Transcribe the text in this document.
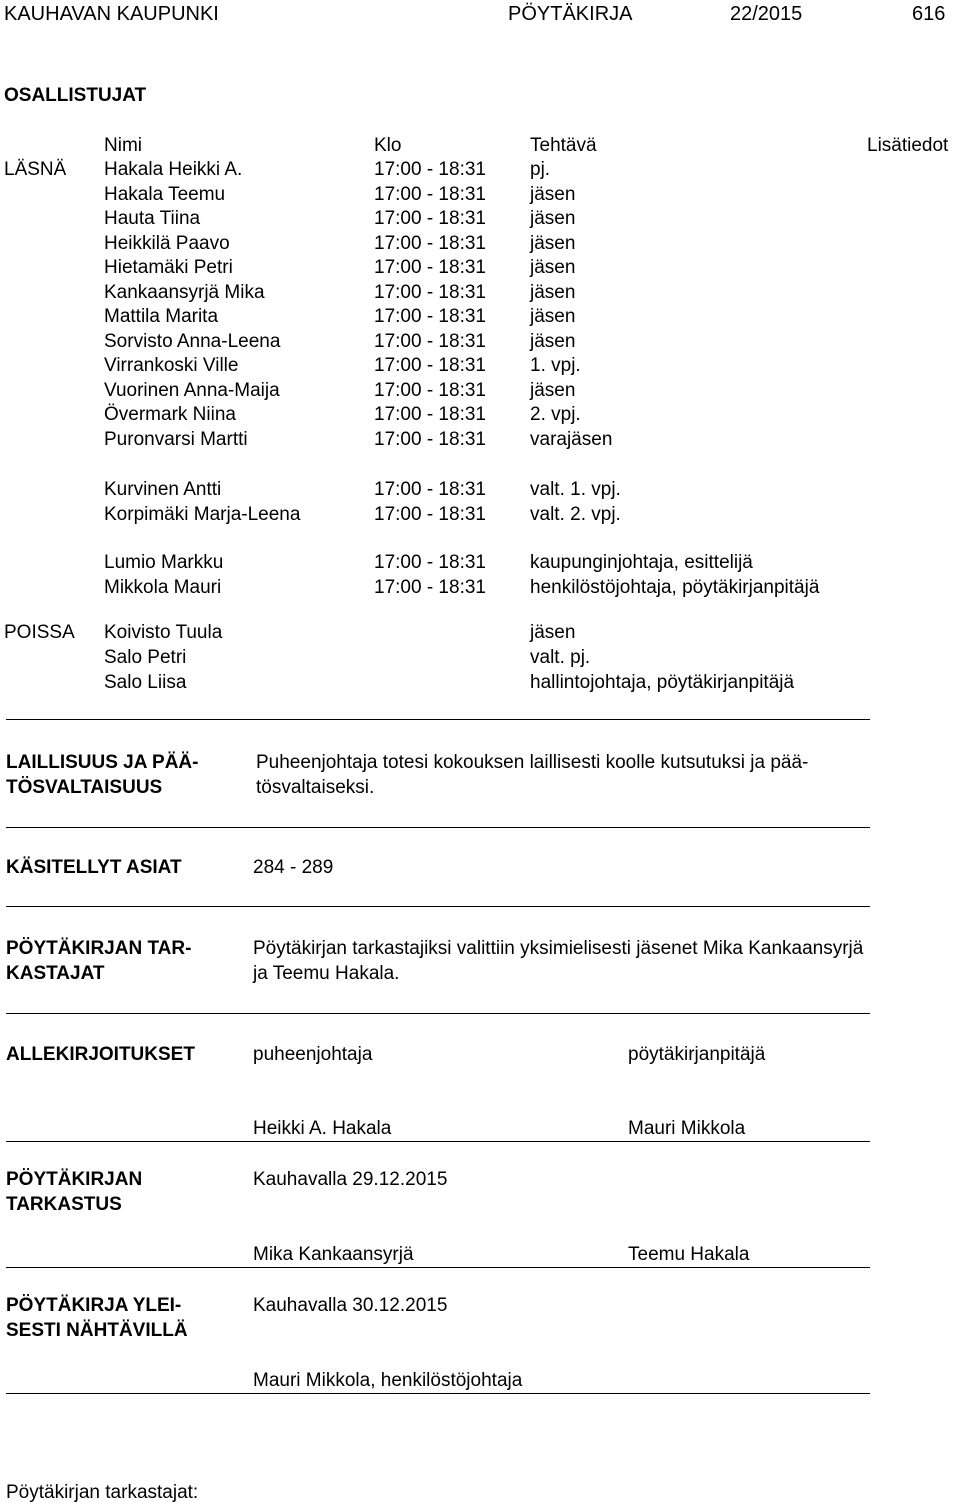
KAUHAVAN KAUPUNKI	PÖYTÄKIRJA	22/2015	616
OSALLISTUJAT
Nimi	Klo	Tehtävä	Lisätiedot
LÄSNÄ Hakala Heikki A.	17:00 - 18:31 pj.
Hakala Teemu	17:00 - 18:31 jäsen
Hauta Tiina	17:00 - 18:31 jäsen
Heikkilä Paavo	17:00 - 18:31 jäsen
Hietamäki Petri	17:00 - 18:31 jäsen
Kankaansyrjä Mika	17:00 - 18:31 jäsen
Mattila Marita	17:00 - 18:31 jäsen
Sorvisto Anna-Leena	17:00 - 18:31 jäsen
Virrankoski Ville	17:00 - 18:31 1. vpj.
Vuorinen Anna-Maija	17:00 - 18:31 jäsen
Övermark Niina	17:00 - 18:31 2. vpj.
Puronvarsi Martti	17:00 - 18:31 varajäsen
Kurvinen Antti	17:00 - 18:31 valt. 1. vpj.
Korpimäki Marja-Leena	17:00 - 18:31 valt. 2. vpj.
Lumio Markku	17:00 - 18:31 kaupunginjohtaja, esittelijä
Mikkola Mauri	17:00 - 18:31 henkilöstöjohtaja, pöytäkirjanpitäjä
POISSA Koivisto Tuula	jäsen
Salo Petri	valt. pj.
Salo Liisa	hallintojohtaja, pöytäkirjanpitäjä
LAILLISUUS JA PÄÄ-
TÖSVALTAISUUS
Puheenjohtaja totesi kokouksen laillisesti koolle kutsutuksi ja pää-
tösvaltaiseksi.
KÄSITELLYT ASIAT	284 - 289
PÖYTÄKIRJAN TAR-
KASTAJAT
Pöytäkirjan tarkastajiksi valittiin yksimielisesti jäsenet Mika Kankaansyrjä
ja Teemu Hakala.
ALLEKIRJOITUKSET	puheenjohtaja	pöytäkirjanpitäjä
Heikki A. Hakala	Mauri Mikkola
PÖYTÄKIRJAN
TARKASTUS
Kauhavalla 29.12.2015
Mika Kankaansyrjä	Teemu Hakala
PÖYTÄKIRJA YLEI-
SESTI NÄHTÄVILLÄ
Kauhavalla 30.12.2015
Mauri Mikkola, henkilöstöjohtaja
Pöytäkirjan tarkastajat:
